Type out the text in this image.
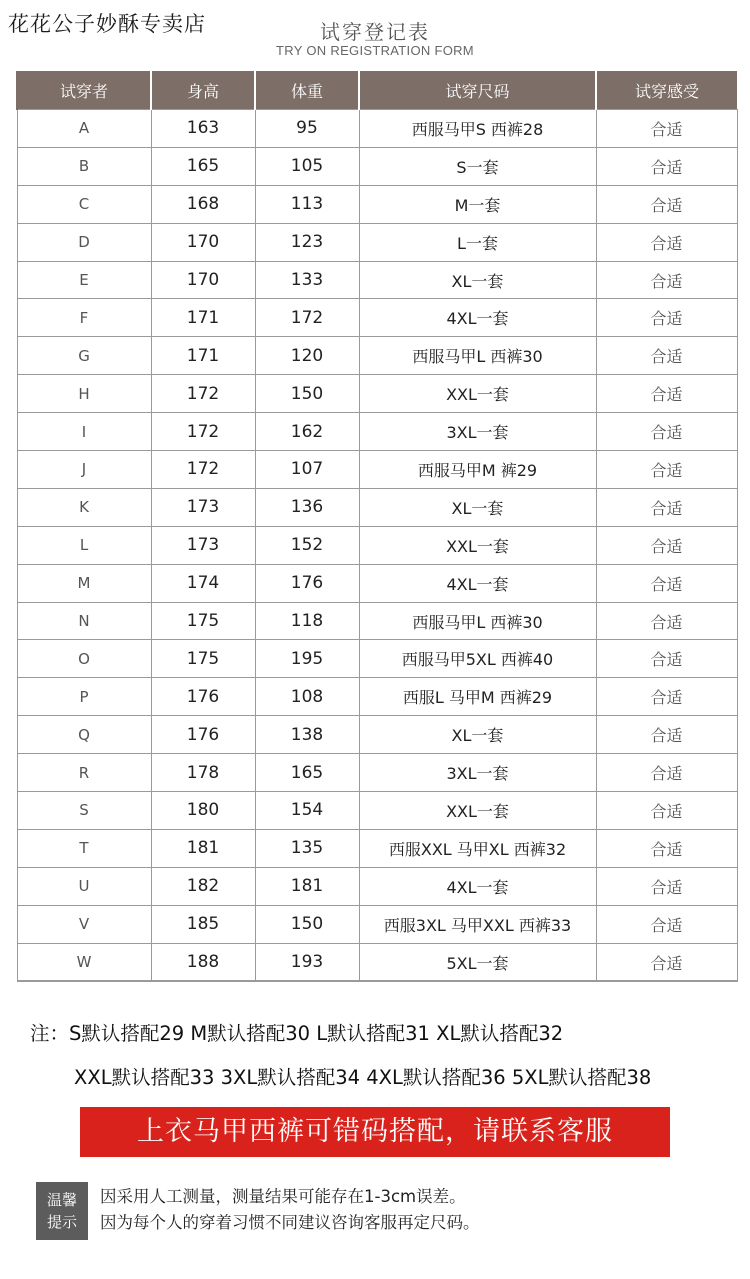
花花公子妙酥专卖店	试穿登记表
TRY ON REGISTRATION FORM
试穿者	身高	体重	试穿尺码	试穿感受
A	163	95	西服马甲S 西裤28	合适
B	165	105	S一套	合适
C	168	113	M一套	合适
D	170	123	L一套	合适
E	170	133	XL一套	合适
F	171	172	4XL一套	合适
G	171	120	西服马甲L 西裤30	合适
H	172	150	XXL一套	合适
I	172	162	3XL一套	合适
J	172	107	西服马甲M 裤29	合适
K	173	136	XL一套	合适
L	173	152	XXL一套	合适
M	174	176	4XL一套	合适
N	175	118	西服马甲L 西裤30	合适
O	175	195	西服马甲5XL 西裤40	合适
P	176	108	西服L 马甲M 西裤29	合适
Q	176	138	XL一套	合适
R	178	165	3XL一套	合适
S	180	154	XXL一套	合适
T	181	135	西服XXL 马甲XL 西裤32	合适
U	182	181	4XL一套	合适
V	185	150	西服3XL 马甲XXL 西裤33	合适
W	188	193	5XL一套	合适
注：S默认搭配29 M默认搭配30 L默认搭配31 XL默认搭配32
XXL默认搭配33 3XL默认搭配34 4XL默认搭配36 5XL默认搭配38
上衣马甲西裤可错码搭配，请联系客服
温馨
提示
因采用人工测量，测量结果可能存在1-3cm误差。
因为每个人的穿着习惯不同建议咨询客服再定尺码。
